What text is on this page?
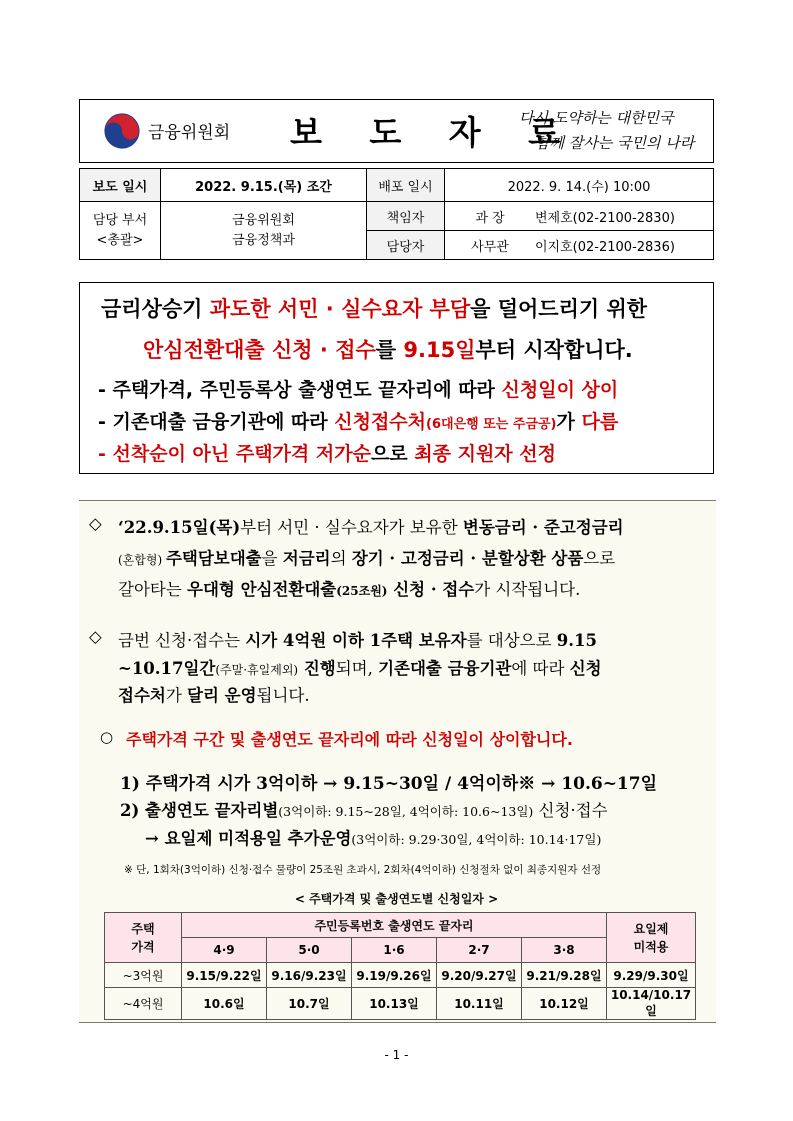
금융위원회 보 도 자 료
다시 도약하는 대한민국
함께 잘사는 국민의 나라
보도 일시	2022. 9.15.(목) 조간	배포 일시	2022. 9. 14.(수) 10:00	
담당 부서
<총괄>	금융위원회
금융정책과	책임자	과 장	변제호(02-2100-2830)
		담당자	사무관	이지호(02-2100-2836)
금리상승기 과도한 서민 · 실수요자 부담을 덜어드리기 위한
안심전환대출 신청 · 접수를 9.15일부터 시작합니다.
- 주택가격, 주민등록상 출생연도 끝자리에 따라 신청일이 상이
- 기존대출 금융기관에 따라 신청접수처(6대은행 또는 주금공)가 다름
- 선착순이 아닌 주택가격 저가순으로 최종 지원자 선정
◇ ‘22.9.15일(목)부터 서민 · 실수요자가 보유한 변동금리 · 준고정금리
(혼합형) 주택담보대출을 저금리의 장기 · 고정금리 · 분할상환 상품으로
갈아타는 우대형 안심전환대출(25조원) 신청 · 접수가 시작됩니다.
◇ 금번 신청·접수는 시가 4억원 이하 1주택 보유자를 대상으로 9.15
~10.17일간(주말·휴일제외) 진행되며, 기존대출 금융기관에 따라 신청
접수처가 달리 운영됩니다.
○ 주택가격 구간 및 출생연도 끝자리에 따라 신청일이 상이합니다.
1) 주택가격 시가 3억이하 → 9.15~30일 / 4억이하※ → 10.6~17일
2) 출생연도 끝자리별(3억이하: 9.15~28일, 4억이하: 10.6~13일) 신청·접수
→ 요일제 미적용일 추가운영(3억이하: 9.29·30일, 4억이하: 10.14·17일)
※ 단, 1회차(3억이하) 신청·접수 물량이 25조원 초과시, 2회차(4억이하) 신청절차 없이 최종지원자 선정
< 주택가격 및 출생연도별 신청일자 >
주택
가격	주민등록번호 출생연도 끝자리					요일제
미적용
	4·9	5·0	1·6	2·7	3·8	
~3억원	9.15/9.22일	9.16/9.23일	9.19/9.26일	9.20/9.27일	9.21/9.28일	9.29/9.30일
~4억원	10.6일	10.7일	10.13일	10.11일	10.12일	10.14/10.17일
- 1 -
